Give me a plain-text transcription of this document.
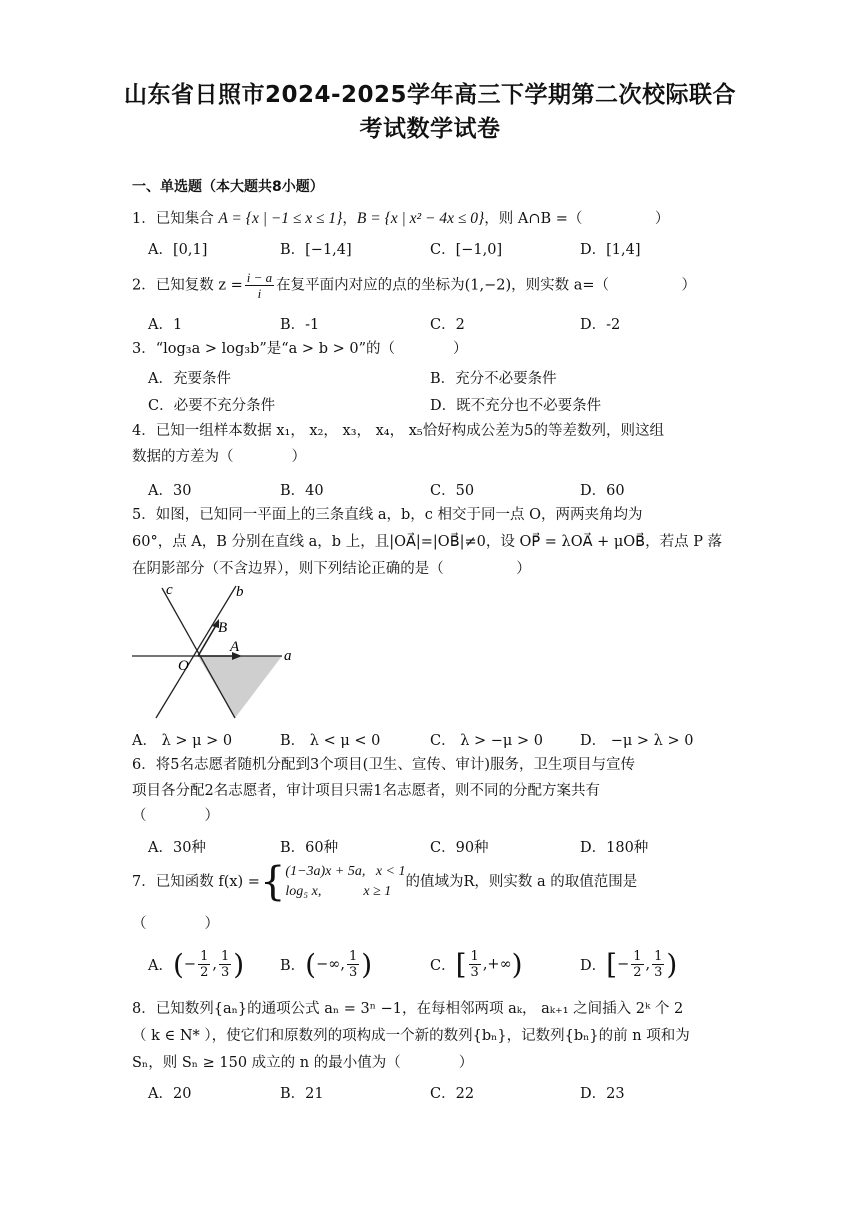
山东省日照市2024-2025学年高三下学期第二次校际联合
考试数学试卷
一、单选题（本大题共8小题）
1．已知集合 A = {x | −1 ≤ x ≤ 1}，B = {x | x² − 4x ≤ 0}，则 A∩B =（　　　　　）
A．[0,1]	B．[−1,4]	C．[−1,0]	D．[1,4]
2．已知复数 $z = \frac{i - a}{i}$ 在复平面内对应的点的坐标为(1,−2)，则实数 a=（　　　　　）
A．1	B．-1	C．2	D．-2
3．“log₃a > log₃b”是“a > b > 0”的（　　　　）
A．充要条件	B．充分不必要条件
C．必要不充分条件	D．既不充分也不必要条件
4．已知一组样本数据 x₁， x₂， x₃， x₄， x₅恰好构成公差为5的等差数列，则这组
数据的方差为（　　　　）
A．30	B．40	C．50	D．60
5．如图，已知同一平面上的三条直线 a，b，c 相交于同一点 O，两两夹角均为
60°，点 A，B 分别在直线 a，b 上，且|OA⃗|=|OB⃗|≠0，设 OP⃗ = λOA⃗ + μOB⃗，若点 P 落
在阴影部分（不含边界），则下列结论正确的是（　　　　　）
c	b
B
A
O
a
A． λ > μ > 0	B． λ < μ < 0	C． λ > −μ > 0	D． −μ > λ > 0
6．将5名志愿者随机分配到3个项目(卫生、宣传、审计)服务，卫生项目与宣传
项目各分配2名志愿者，审计项目只需1名志愿者，则不同的分配方案共有
（　　　　）
A．30种	B．60种	C．90种	D．180种
7．已知函数 f(x) ={(1−3a)x + 5a, x < 1
log₅ x,	x ≥ 1的值域为R，则实数 a 的取值范围是
（　　　　）
A．(− $\frac{1}{2}$ , $\frac{1}{3}$ ) B．(−∞, $\frac{1}{3}$ )	C．[ $\frac{1}{3}$ ,+∞)	D．[− $\frac{1}{2}$ , $\frac{1}{3}$ )
8．已知数列{aₙ}的通项公式 aₙ = 3ⁿ −1，在每相邻两项 aₖ， aₖ₊₁ 之间插入 2ᵏ 个 2
（ k ∈ N* ），使它们和原数列的项构成一个新的数列{bₙ}，记数列{bₙ}的前 n 项和为
Sₙ，则 Sₙ ≥ 150 成立的 n 的最小值为（　　　　）
A．20	B．21	C．22	D．23
